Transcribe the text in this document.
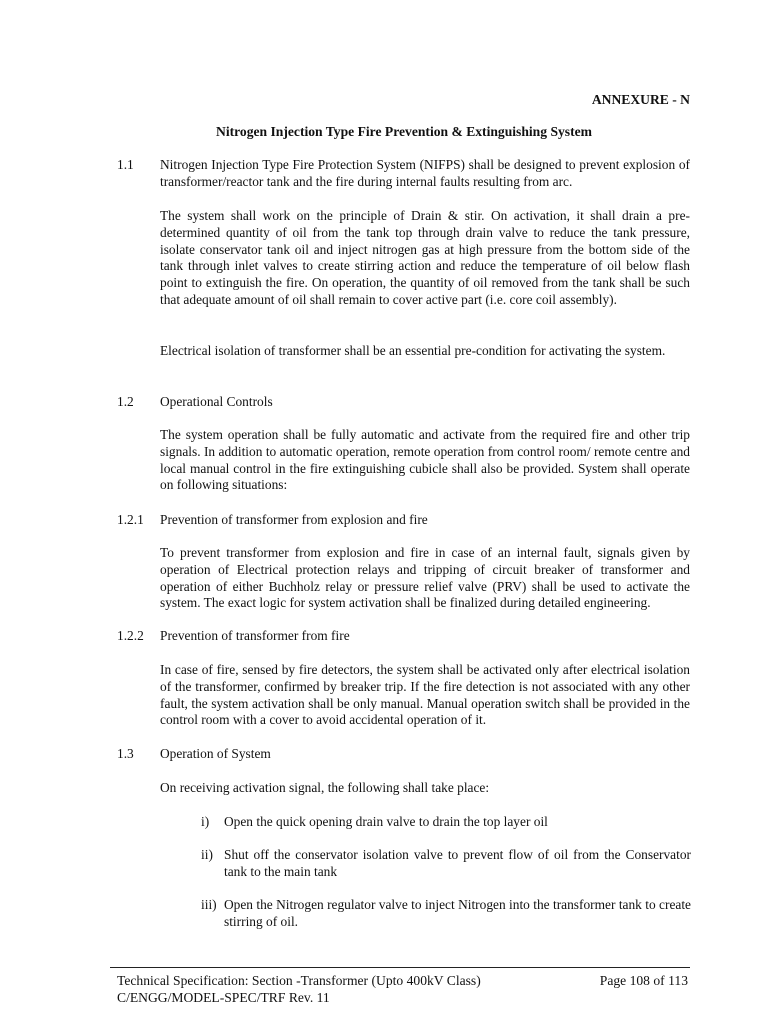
ANNEXURE - N
Nitrogen Injection Type Fire Prevention & Extinguishing System
1.1 Nitrogen Injection Type Fire Protection System (NIFPS) shall be designed to prevent explosion of transformer/reactor tank and the fire during internal faults resulting from arc.
The system shall work on the principle of Drain & stir. On activation, it shall drain a pre-determined quantity of oil from the tank top through drain valve to reduce the tank pressure, isolate conservator tank oil and inject nitrogen gas at high pressure from the bottom side of the tank through inlet valves to create stirring action and reduce the temperature of oil below flash point to extinguish the fire. On operation, the quantity of oil removed from the tank shall be such that adequate amount of oil shall remain to cover active part (i.e. core coil assembly).
Electrical isolation of transformer shall be an essential pre-condition for activating the system.
1.2 Operational Controls
The system operation shall be fully automatic and activate from the required fire and other trip signals. In addition to automatic operation, remote operation from control room/ remote centre and local manual control in the fire extinguishing cubicle shall also be provided. System shall operate on following situations:
1.2.1 Prevention of transformer from explosion and fire
To prevent transformer from explosion and fire in case of an internal fault, signals given by operation of Electrical protection relays and tripping of circuit breaker of transformer and operation of either Buchholz relay or pressure relief valve (PRV) shall be used to activate the system. The exact logic for system activation shall be finalized during detailed engineering.
1.2.2 Prevention of transformer from fire
In case of fire, sensed by fire detectors, the system shall be activated only after electrical isolation of the transformer, confirmed by breaker trip. If the fire detection is not associated with any other fault, the system activation shall be only manual. Manual operation switch shall be provided in the control room with a cover to avoid accidental operation of it.
1.3 Operation of System
On receiving activation signal, the following shall take place:
i) Open the quick opening drain valve to drain the top layer oil
ii) Shut off the conservator isolation valve to prevent flow of oil from the Conservator tank to the main tank
iii) Open the Nitrogen regulator valve to inject Nitrogen into the transformer tank to create stirring of oil.
Technical Specification: Section -Transformer (Upto 400kV Class)
C/ENGG/MODEL-SPEC/TRF Rev. 11
Page 108 of 113
